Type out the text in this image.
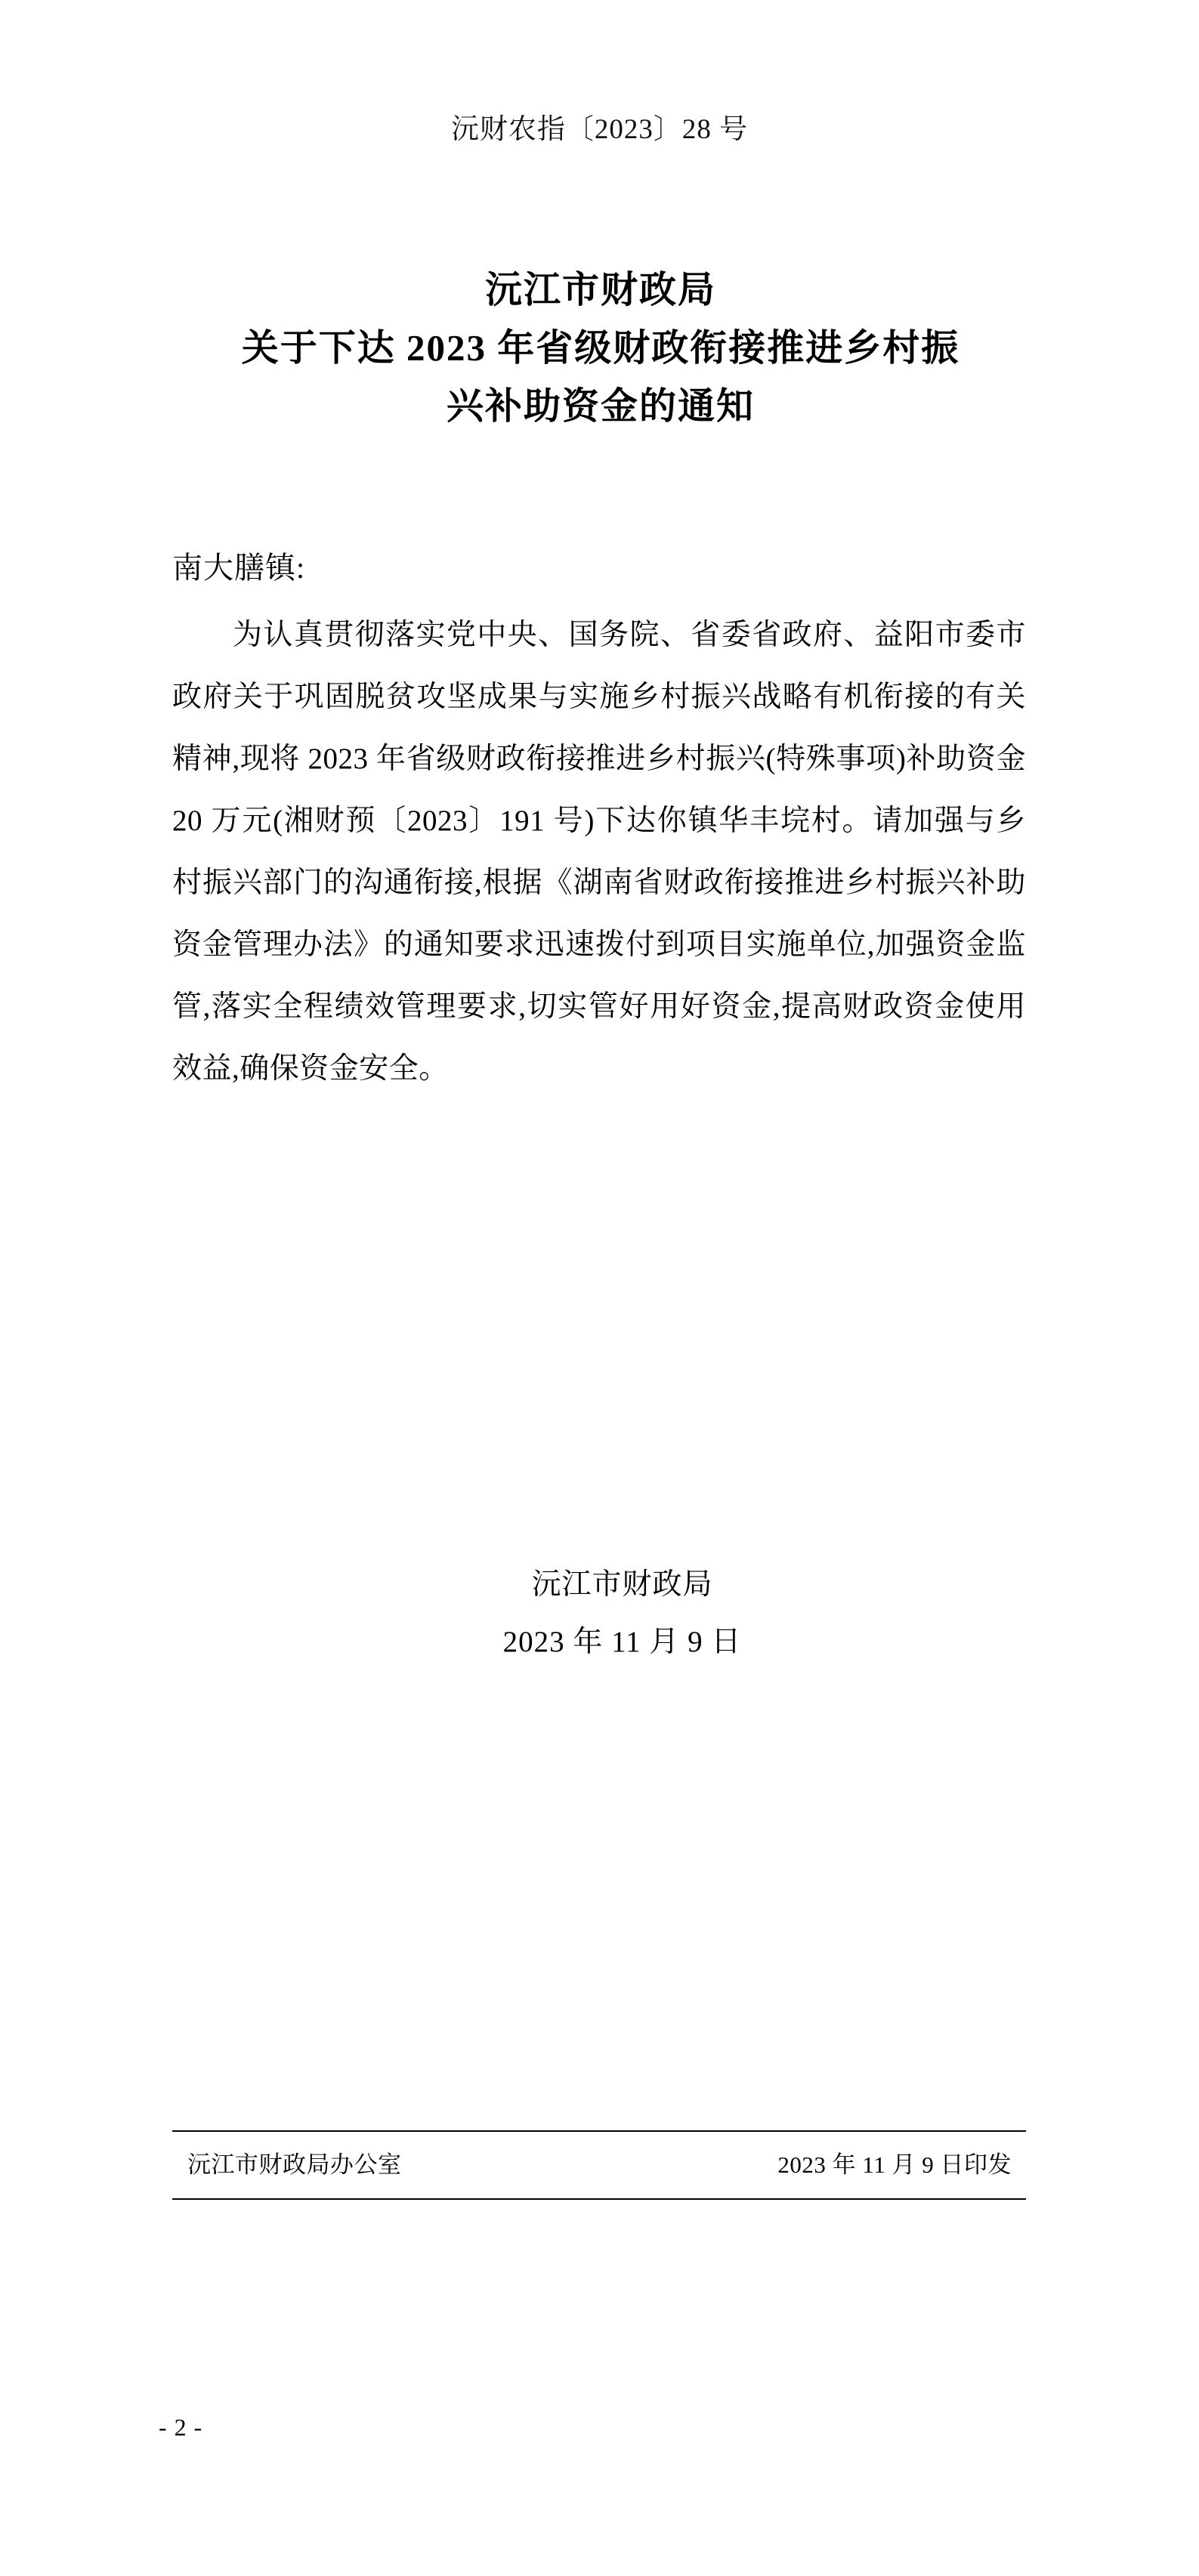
沅财农指〔2023〕28 号
沅江市财政局
关于下达 2023 年省级财政衔接推进乡村振
兴补助资金的通知
南大膳镇:

为认真贯彻落实党中央、国务院、省委省政府、益阳市委市政府关于巩固脱贫攻坚成果与实施乡村振兴战略有机衔接的有关精神,现将 2023 年省级财政衔接推进乡村振兴(特殊事项)补助资金 20 万元(湘财预〔2023〕191 号)下达你镇华丰垸村。请加强与乡村振兴部门的沟通衔接,根据《湖南省财政衔接推进乡村振兴补助资金管理办法》的通知要求迅速拨付到项目实施单位,加强资金监管,落实全程绩效管理要求,切实管好用好资金,提高财政资金使用效益,确保资金安全。

沅江市财政局
2023 年 11 月 9 日
沅江市财政局办公室	2023 年 11 月 9 日印发
- 2 -
